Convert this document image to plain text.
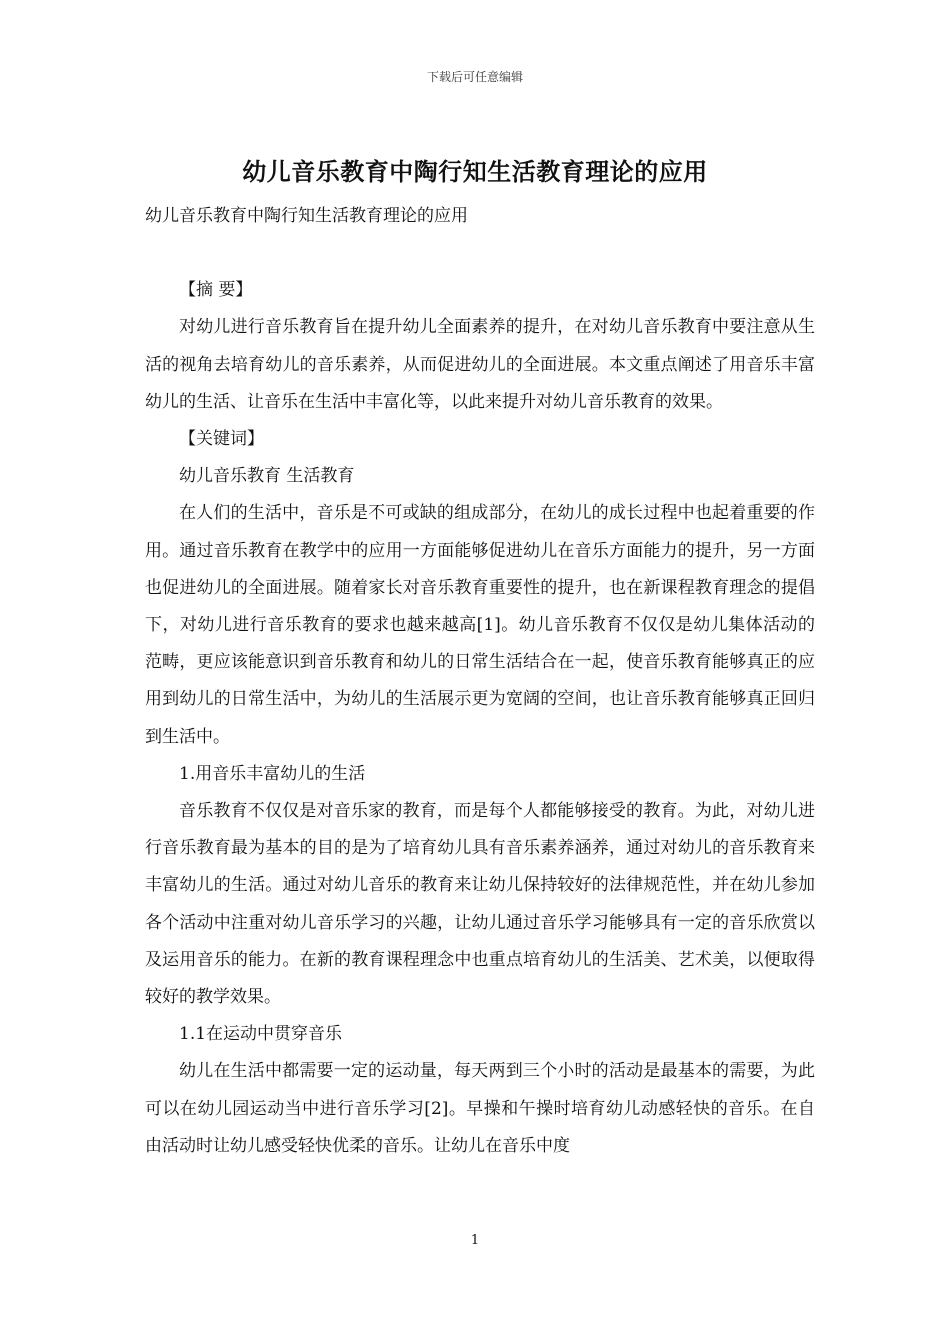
下载后可任意编辑
幼儿音乐教育中陶行知生活教育理论的应用

幼儿音乐教育中陶行知生活教育理论的应用

【摘 要】

对幼儿进行音乐教育旨在提升幼儿全面素养的提升，在对幼儿音乐教育中要注意从生活的视角去培育幼儿的音乐素养，从而促进幼儿的全面进展。本文重点阐述了用音乐丰富幼儿的生活、让音乐在生活中丰富化等，以此来提升对幼儿音乐教育的效果。

【关键词】

幼儿音乐教育 生活教育

在人们的生活中，音乐是不可或缺的组成部分，在幼儿的成长过程中也起着重要的作用。通过音乐教育在教学中的应用一方面能够促进幼儿在音乐方面能力的提升，另一方面也促进幼儿的全面进展。随着家长对音乐教育重要性的提升，也在新课程教育理念的提倡下，对幼儿进行音乐教育的要求也越来越高[1]。幼儿音乐教育不仅仅是幼儿集体活动的范畴，更应该能意识到音乐教育和幼儿的日常生活结合在一起，使音乐教育能够真正的应用到幼儿的日常生活中，为幼儿的生活展示更为宽阔的空间，也让音乐教育能够真正回归到生活中。

1.用音乐丰富幼儿的生活

音乐教育不仅仅是对音乐家的教育，而是每个人都能够接受的教育。为此，对幼儿进行音乐教育最为基本的目的是为了培育幼儿具有音乐素养涵养，通过对幼儿的音乐教育来丰富幼儿的生活。通过对幼儿音乐的教育来让幼儿保持较好的法律规范性，并在幼儿参加各个活动中注重对幼儿音乐学习的兴趣，让幼儿通过音乐学习能够具有一定的音乐欣赏以及运用音乐的能力。在新的教育课程理念中也重点培育幼儿的生活美、艺术美，以便取得较好的教学效果。

1.1在运动中贯穿音乐

幼儿在生活中都需要一定的运动量，每天两到三个小时的活动是最基本的需要，为此可以在幼儿园运动当中进行音乐学习[2]。早操和午操时培育幼儿动感轻快的音乐。在自由活动时让幼儿感受轻快优柔的音乐。让幼儿在音乐中度

1
